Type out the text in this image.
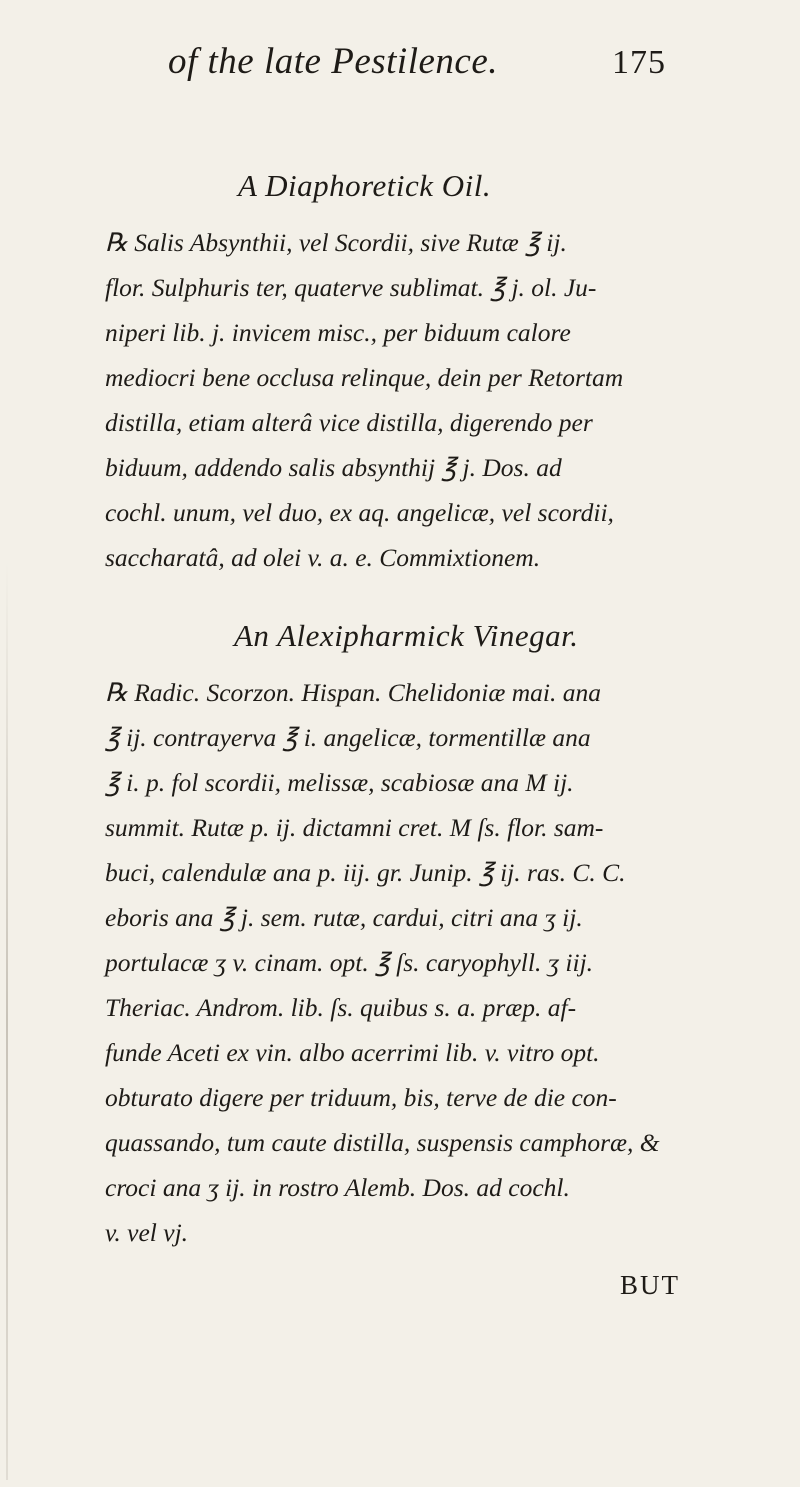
of the late Pestilence.	175
A Diaphoretick Oil.
℞ Salis Absynthii, vel Scordii, sive Rutæ ℥ ij.
flor. Sulphuris ter, quaterve sublimat. ℥ j. ol. Ju-
niperi lib. j. invicem misc., per biduum calore
mediocri bene occlusa relinque, dein per Retortam
distilla, etiam alterâ vice distilla, digerendo per
biduum, addendo salis absynthij ℥ j. Dos. ad
cochl. unum, vel duo, ex aq. angelicæ, vel scordii,
saccharatâ, ad olei v. a. e. Commixtionem.
An Alexipharmick Vinegar.
℞ Radic. Scorzon. Hispan. Chelidoniæ mai. ana
℥ ij. contrayerva ℥ i. angelicæ, tormentillæ ana
℥ i. p. fol scordii, melissæ, scabiosæ ana M ij.
summit. Rutæ p. ij. dictamni cret. M ſs. flor. sam-
buci, calendulæ ana p. iij. gr. Junip. ℥ ij. ras. C. C.
eboris ana ℥ j. sem. rutæ, cardui, citri ana ʒ ij.
portulacæ ʒ v. cinam. opt. ℥ ſs. caryophyll. ʒ iij.
Theriac. Androm. lib. ſs. quibus s. a. præp. af-
funde Aceti ex vin. albo acerrimi lib. v. vitro opt.
obturato digere per triduum, bis, terve de die con-
quassando, tum caute distilla, suspensis camphoræ, &
croci ana ʒ ij. in rostro Alemb. Dos. ad cochl.
v. vel vj.
BUT
